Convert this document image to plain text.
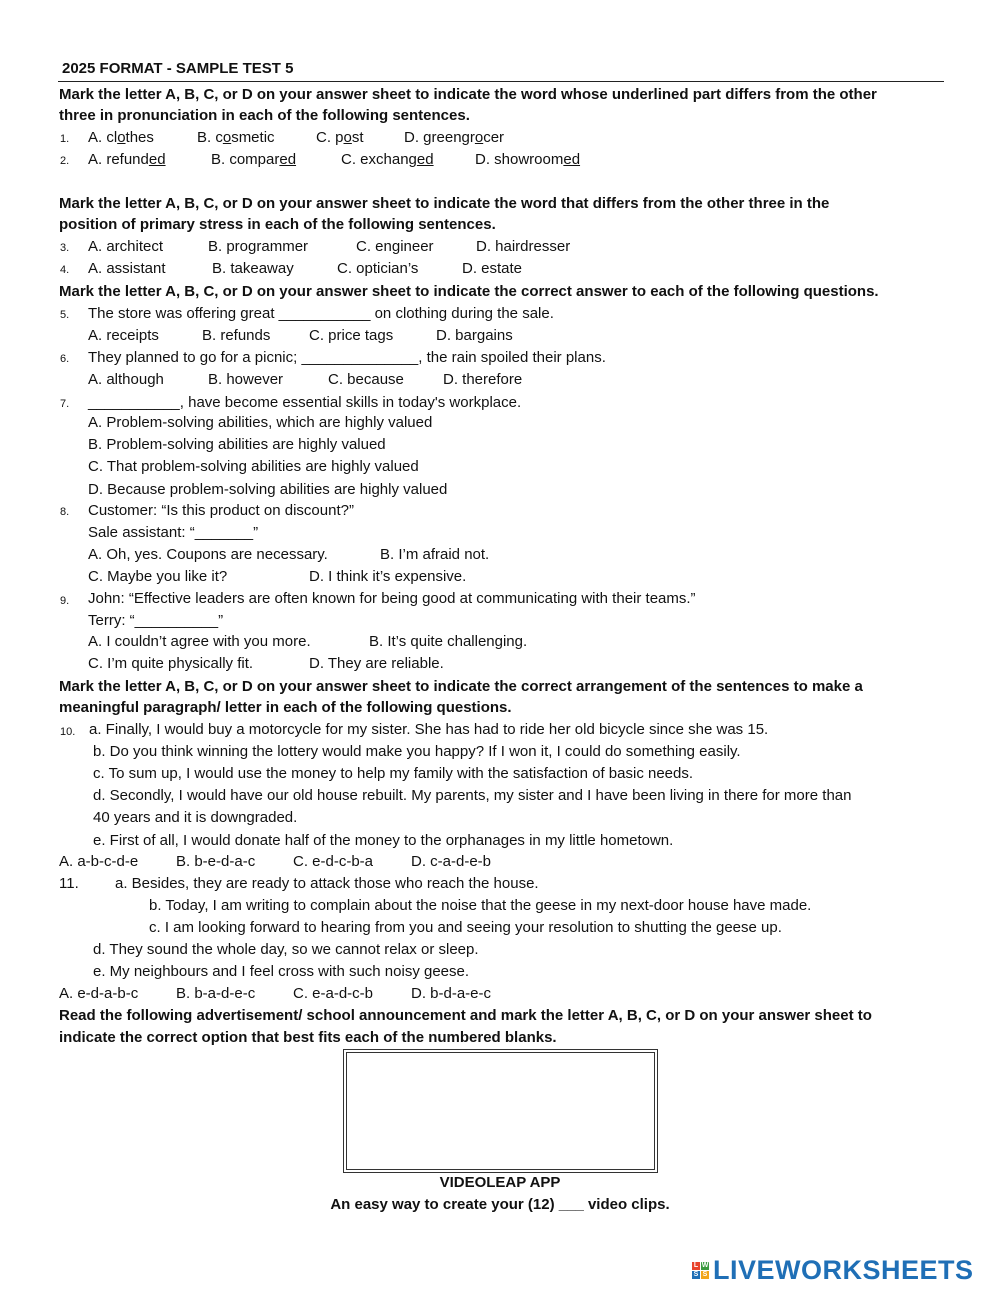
2025 FORMAT - SAMPLE TEST 5
Mark the letter A, B, C, or D on your answer sheet to indicate the word whose underlined part differs from the other
three in pronunciation in each of the following sentences.
1. A. clothes	B. cosmetic	C. post	D. greengrocer
2. A. refunded	B. compared	C. exchanged	D. showroomed
Mark the letter A, B, C, or D on your answer sheet to indicate the word that differs from the other three in the
position of primary stress in each of the following sentences.
3. A. architect	B. programmer	C. engineer	D. hairdresser
4. A. assistant	B. takeaway	C. optician’s	D. estate
Mark the letter A, B, C, or D on your answer sheet to indicate the correct answer to each of the following questions.
5. The store was offering great ___________ on clothing during the sale.
A. receipts	B. refunds	C. price tags	D. bargains
6. They planned to go for a picnic; ______________, the rain spoiled their plans.
A. although	B. however	C. because	D. therefore
7. ___________, have become essential skills in today's workplace.
A. Problem-solving abilities, which are highly valued
B. Problem-solving abilities are highly valued
C. That problem-solving abilities are highly valued
D. Because problem-solving abilities are highly valued
8. Customer: “Is this product on discount?”
Sale assistant: “_______”
A. Oh, yes. Coupons are necessary.	B. I’m afraid not.
C. Maybe you like it?	D. I think it’s expensive.
9. John: “Effective leaders are often known for being good at communicating with their teams.”
Terry: “__________”
A. I couldn’t agree with you more.	B. It’s quite challenging.
C. I’m quite physically fit.	D. They are reliable.
Mark the letter A, B, C, or D on your answer sheet to indicate the correct arrangement of the sentences to make a
meaningful paragraph/ letter in each of the following questions.
10. a. Finally, I would buy a motorcycle for my sister. She has had to ride her old bicycle since she was 15.
b. Do you think winning the lottery would make you happy? If I won it, I could do something easily.
c. To sum up, I would use the money to help my family with the satisfaction of basic needs.
d. Secondly, I would have our old house rebuilt. My parents, my sister and I have been living in there for more than
40 years and it is downgraded.
e. First of all, I would donate half of the money to the orphanages in my little hometown.
A. a-b-c-d-e	B. b-e-d-a-c	C. e-d-c-b-a	D. c-a-d-e-b
11. a. Besides, they are ready to attack those who reach the house.
b. Today, I am writing to complain about the noise that the geese in my next-door house have made.
c. I am looking forward to hearing from you and seeing your resolution to shutting the geese up.
d. They sound the whole day, so we cannot relax or sleep.
e. My neighbours and I feel cross with such noisy geese.
A. e-d-a-b-c	B. b-a-d-e-c	C. e-a-d-c-b	D. b-d-a-e-c
Read the following advertisement/ school announcement and mark the letter A, B, C, or D on your answer sheet to
indicate the correct option that best fits each of the numbered blanks.
VIDEOLEAP APP
An easy way to create your (12) ___ video clips.
L W
S S LIVEWORKSHEETS
